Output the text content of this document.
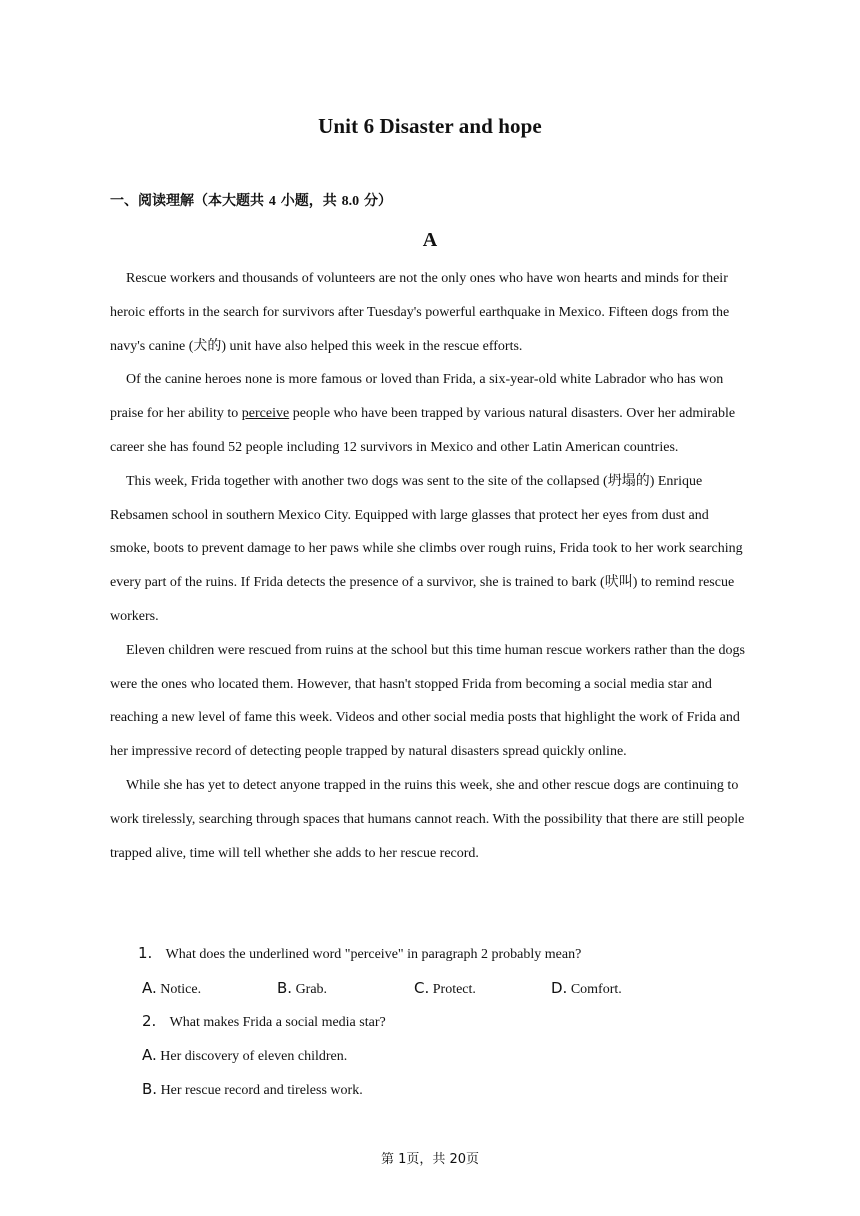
Unit 6 Disaster and hope
一、阅读理解（本大题共 4 小题，共 8.0 分）
A

Rescue workers and thousands of volunteers are not the only ones who have won hearts and minds for their heroic efforts in the search for survivors after Tuesday's powerful earthquake in Mexico. Fifteen dogs from the navy's canine (犬的) unit have also helped this week in the rescue efforts.

Of the canine heroes none is more famous or loved than Frida, a six-year-old white Labrador who has won praise for her ability to perceive people who have been trapped by various natural disasters. Over her admirable career she has found 52 people including 12 survivors in Mexico and other Latin American countries.

This week, Frida together with another two dogs was sent to the site of the collapsed (坍塌的) Enrique Rebsamen school in southern Mexico City. Equipped with large glasses that protect her eyes from dust and smoke, boots to prevent damage to her paws while she climbs over rough ruins, Frida took to her work searching every part of the ruins. If Frida detects the presence of a survivor, she is trained to bark (吠叫) to remind rescue workers.

Eleven children were rescued from ruins at the school but this time human rescue workers rather than the dogs were the ones who located them. However, that hasn't stopped Frida from becoming a social media star and reaching a new level of fame this week. Videos and other social media posts that highlight the work of Frida and her impressive record of detecting people trapped by natural disasters spread quickly online.

While she has yet to detect anyone trapped in the ruins this week, she and other rescue dogs are continuing to work tirelessly, searching through spaces that humans cannot reach. With the possibility that there are still people trapped alive, time will tell whether she adds to her rescue record.

1. What does the underlined word "perceive" in paragraph 2 probably mean?
A. Notice.	B. Grab.	C. Protect.	D. Comfort.
2. What makes Frida a social media star?
A. Her discovery of eleven children.
B. Her rescue record and tireless work.
第 1页，共 20页
